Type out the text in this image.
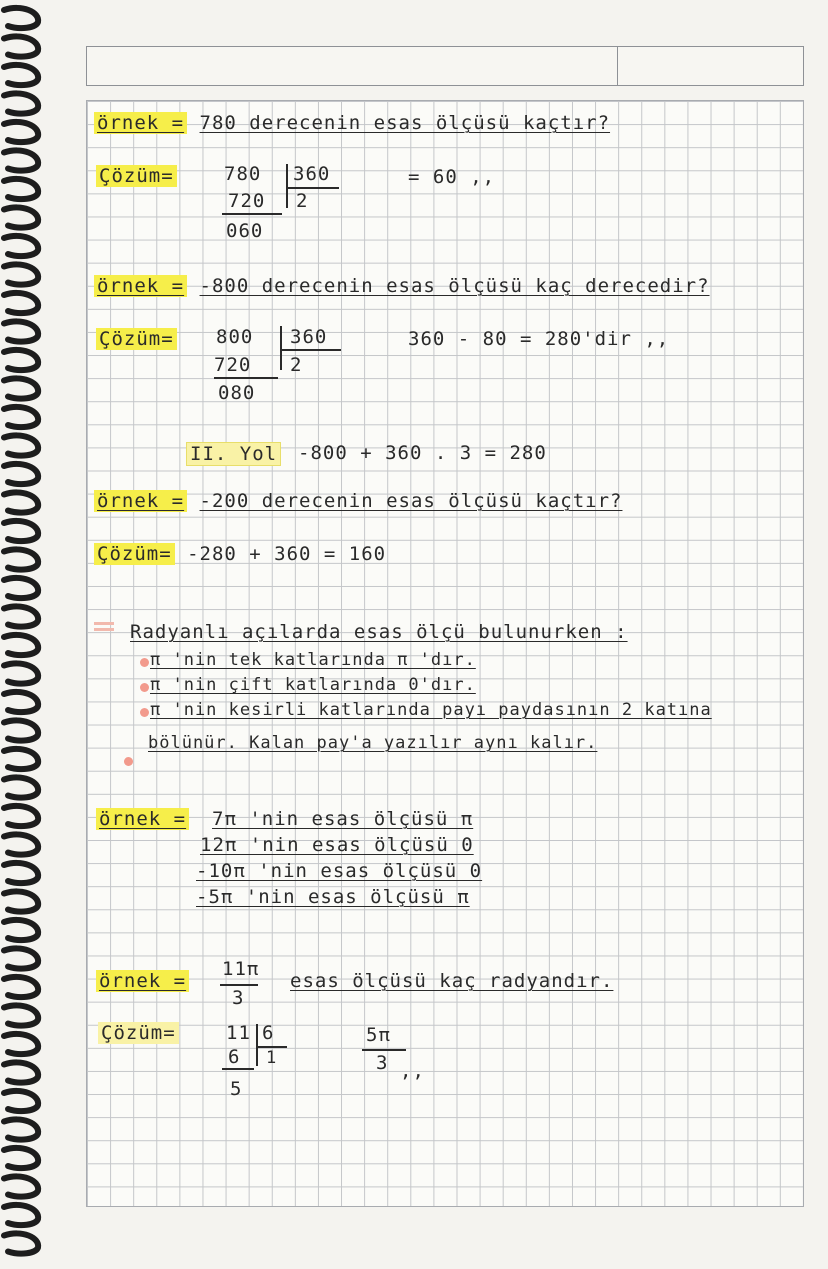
örnek = 780 derecenin esas ölçüsü kaçtır?
Çözüm=	780 360
720 2
060
= 60 ,,
örnek = -800 derecenin esas ölçüsü kaç derecedir?
Çözüm= 800 360
720 2
080
360 - 80 = 280'dir ,,
II. Yol -800 + 360 . 3 = 280
örnek = -200 derecenin esas ölçüsü kaçtır?
Çözüm= -280 + 360 = 160
Radyanlı açılarda esas ölçü bulunurken :
π 'nin tek katlarında π 'dır.
π 'nin çift katlarında 0'dır.
π 'nin kesirli katlarında payı paydasının 2 katına
bölünür. Kalan pay'a yazılır aynı kalır.
örnek = 7π 'nin esas ölçüsü π
12π 'nin esas ölçüsü 0
-10π 'nin esas ölçüsü 0
-5π 'nin esas ölçüsü π
örnek =
11π
3
esas ölçüsü kaç radyandır.
Çözüm=	11 6
6 1
5
5π
3 ,,
